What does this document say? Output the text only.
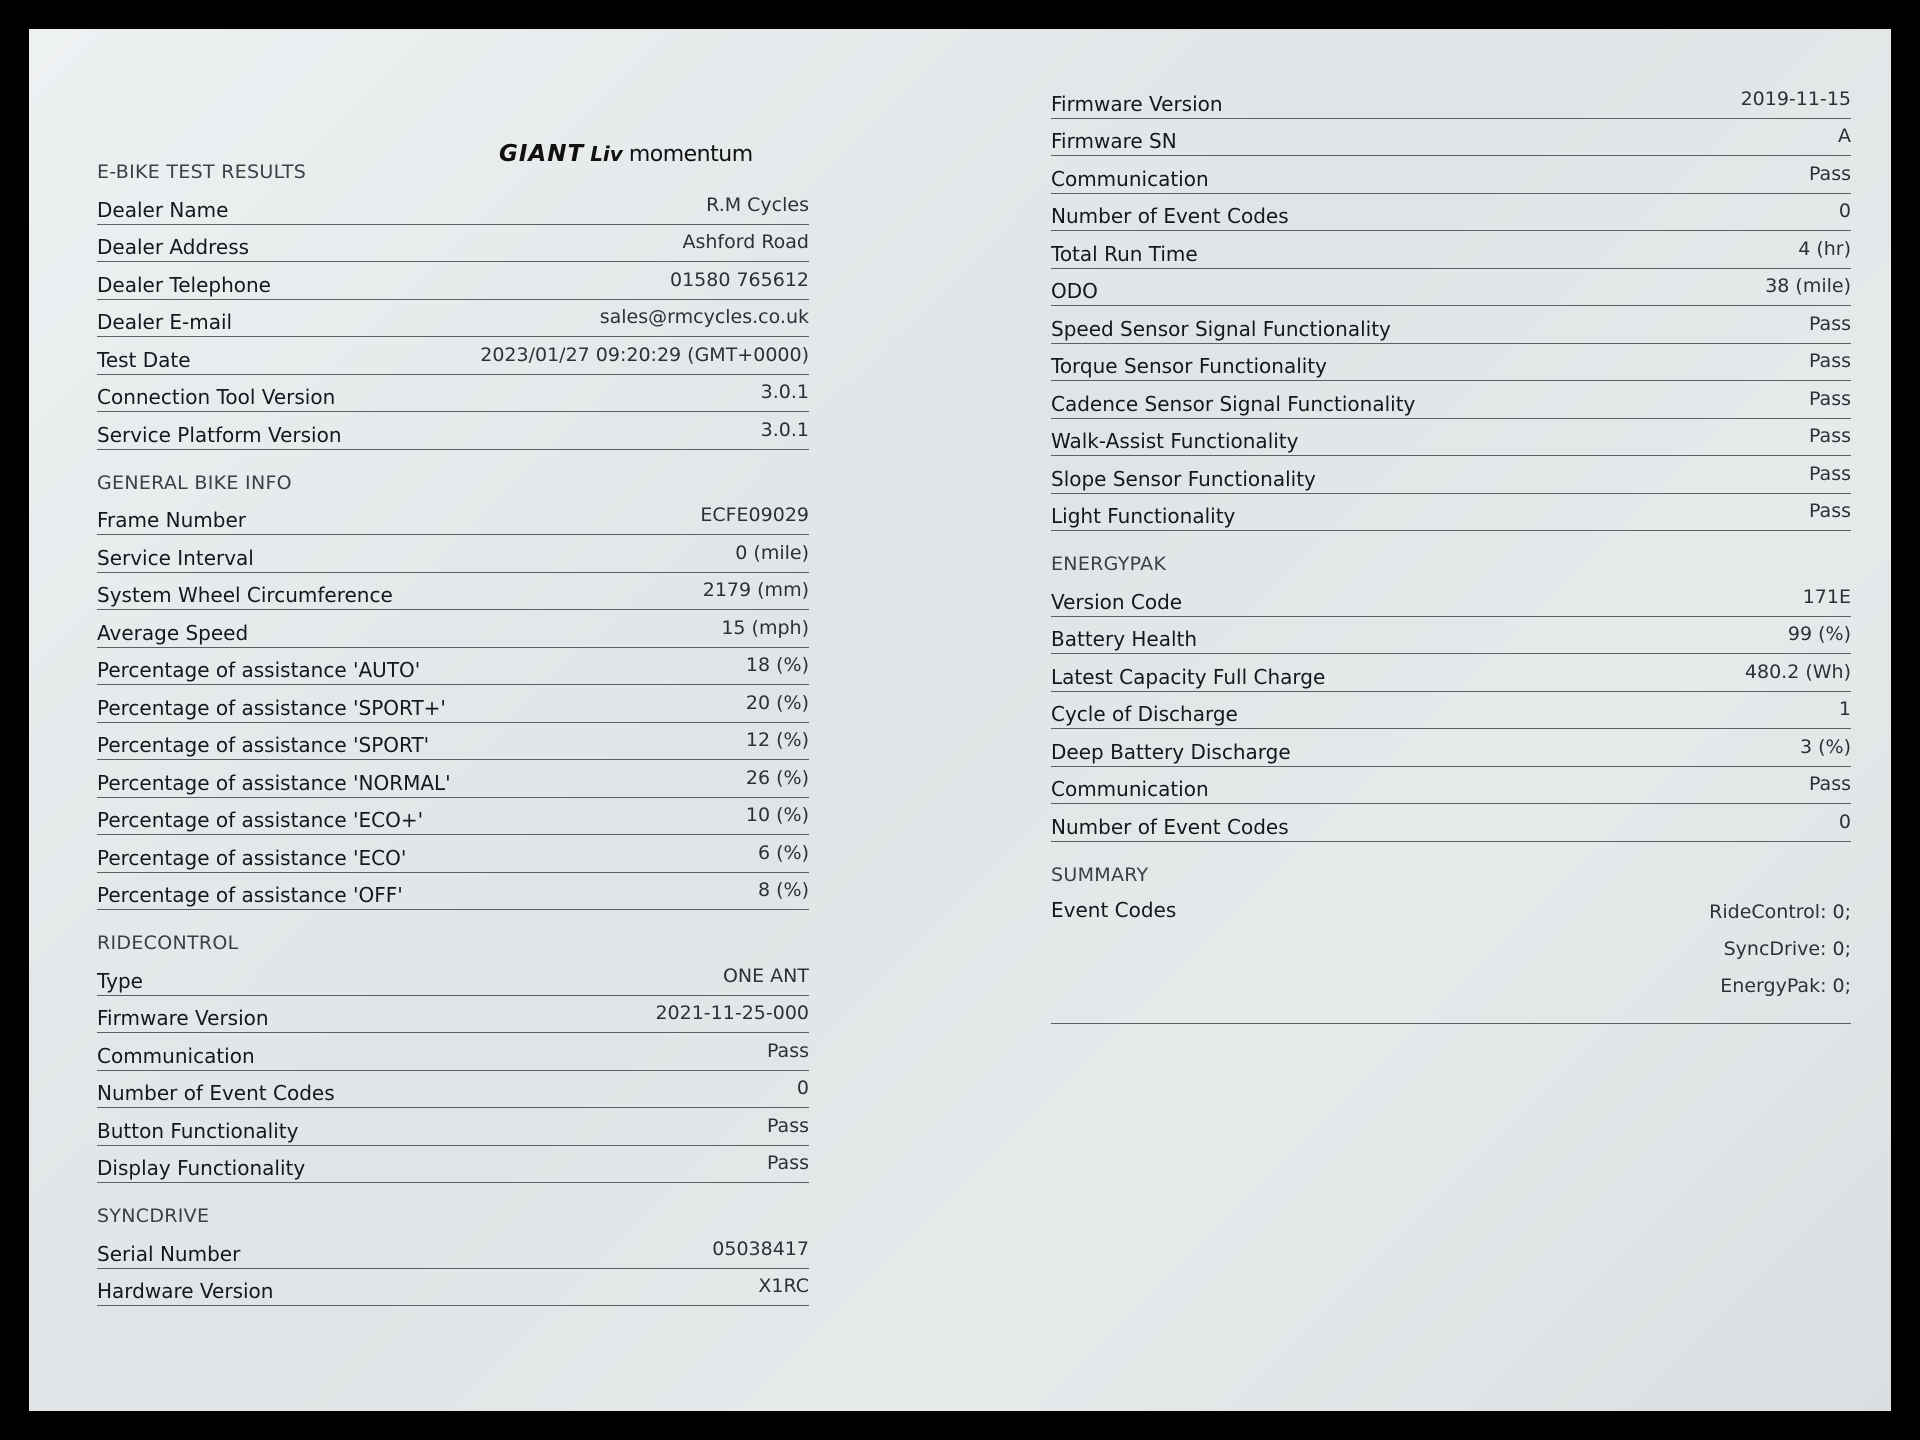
GIANT Liv momentum
E-BIKE TEST RESULTS
Dealer Name	R.M Cycles
Dealer Address	Ashford Road
Dealer Telephone	01580 765612
Dealer E-mail	sales@rmcycles.co.uk
Test Date	2023/01/27 09:20:29 (GMT+0000)
Connection Tool Version	3.0.1
Service Platform Version	3.0.1
GENERAL BIKE INFO
Frame Number	ECFE09029
Service Interval	0 (mile)
System Wheel Circumference	2179 (mm)
Average Speed	15 (mph)
Percentage of assistance 'AUTO'	18 (%)
Percentage of assistance 'SPORT+'	20 (%)
Percentage of assistance 'SPORT'	12 (%)
Percentage of assistance 'NORMAL'	26 (%)
Percentage of assistance 'ECO+'	10 (%)
Percentage of assistance 'ECO'	6 (%)
Percentage of assistance 'OFF'	8 (%)
RIDECONTROL
Type	ONE ANT
Firmware Version	2021-11-25-000
Communication	Pass
Number of Event Codes	0
Button Functionality	Pass
Display Functionality	Pass
SYNCDRIVE
Serial Number	05038417
Hardware Version	X1RC
Firmware Version	2019-11-15
Firmware SN	A
Communication	Pass
Number of Event Codes	0
Total Run Time	4 (hr)
ODO	38 (mile)
Speed Sensor Signal Functionality	Pass
Torque Sensor Functionality	Pass
Cadence Sensor Signal Functionality	Pass
Walk-Assist Functionality	Pass
Slope Sensor Functionality	Pass
Light Functionality	Pass
ENERGYPAK
Version Code	171E
Battery Health	99 (%)
Latest Capacity Full Charge	480.2 (Wh)
Cycle of Discharge	1
Deep Battery Discharge	3 (%)
Communication	Pass
Number of Event Codes	0
SUMMARY
Event Codes	RideControl: 0;
SyncDrive: 0;
EnergyPak: 0;
